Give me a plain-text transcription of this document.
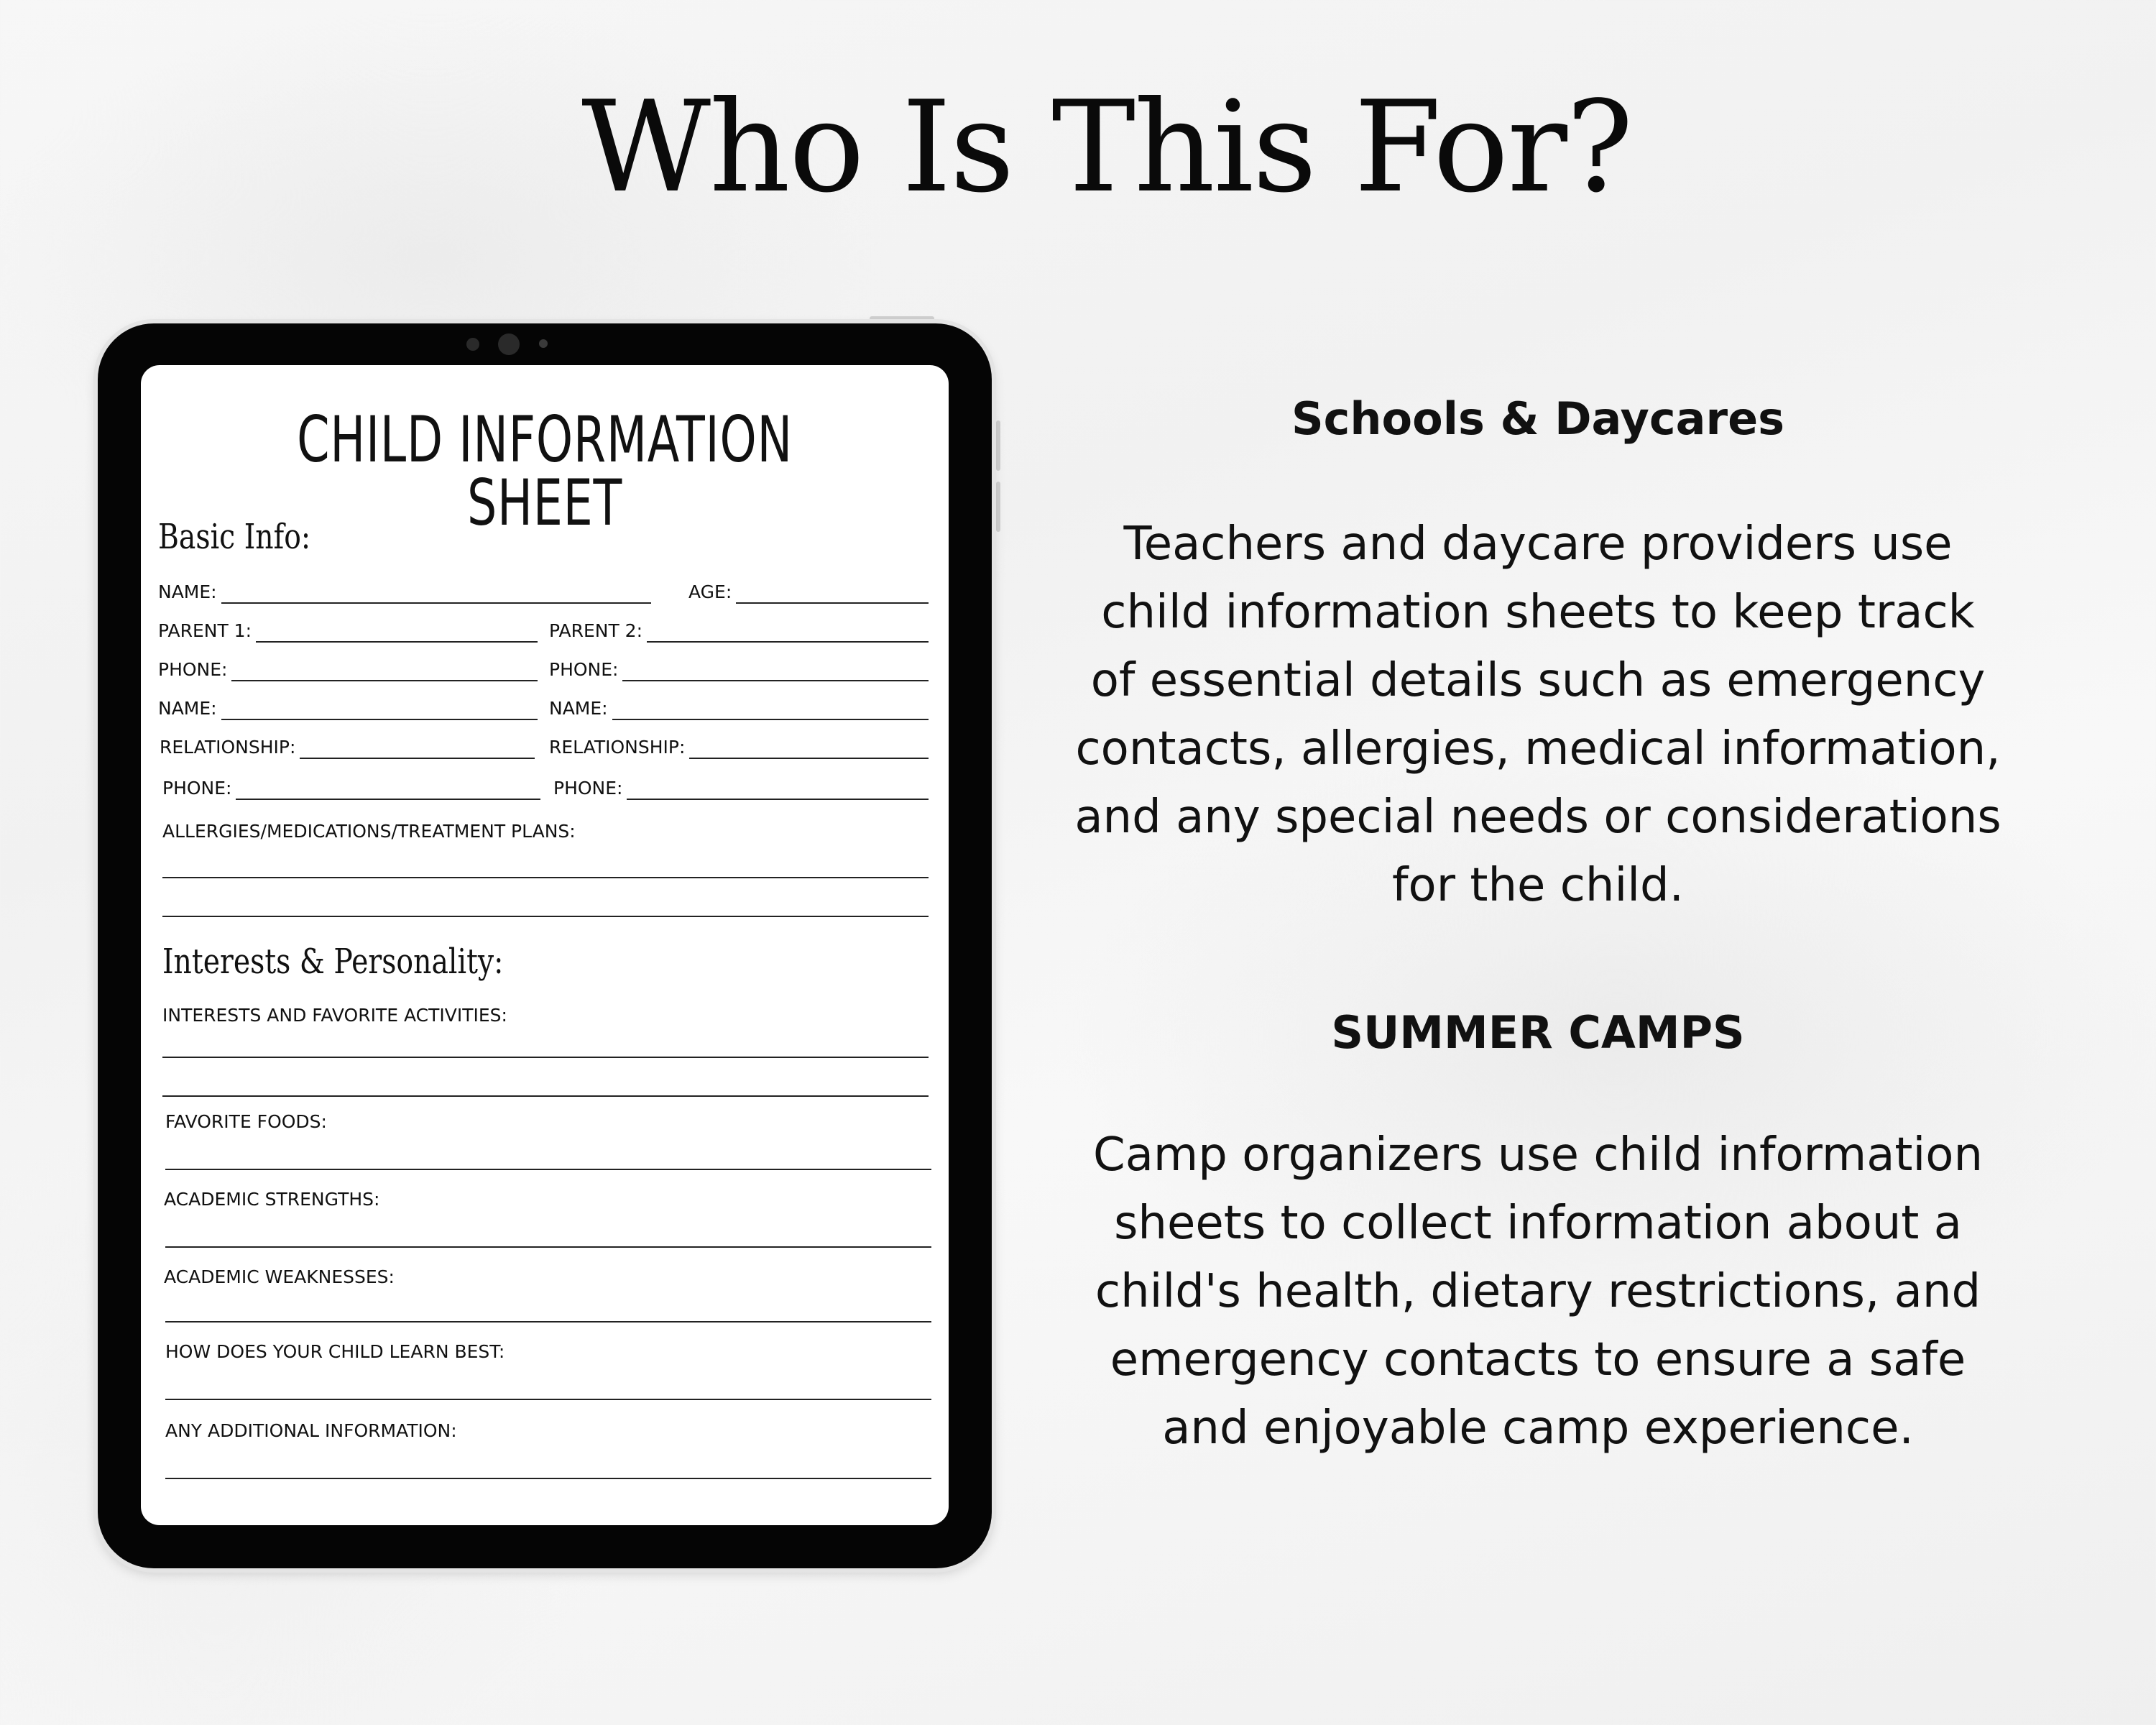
Who Is This For?
CHILD INFORMATION SHEET
Basic Info:
NAME:	AGE:
PARENT 1:	PARENT 2:
PHONE:	PHONE:
NAME:	NAME:
RELATIONSHIP:	RELATIONSHIP:
PHONE:	PHONE:
ALLERGIES/MEDICATIONS/TREATMENT PLANS:
Interests & Personality:
INTERESTS AND FAVORITE ACTIVITIES:
FAVORITE FOODS:
ACADEMIC STRENGTHS:
ACADEMIC WEAKNESSES:
HOW DOES YOUR CHILD LEARN BEST:
ANY ADDITIONAL INFORMATION:
Schools & Daycares

Teachers and daycare providers use

child information sheets to keep track

of essential details such as emergency

contacts, allergies, medical information,

and any special needs or considerations

for the child.

SUMMER CAMPS

Camp organizers use child information

sheets to collect information about a

child's health, dietary restrictions, and

emergency contacts to ensure a safe

and enjoyable camp experience.
